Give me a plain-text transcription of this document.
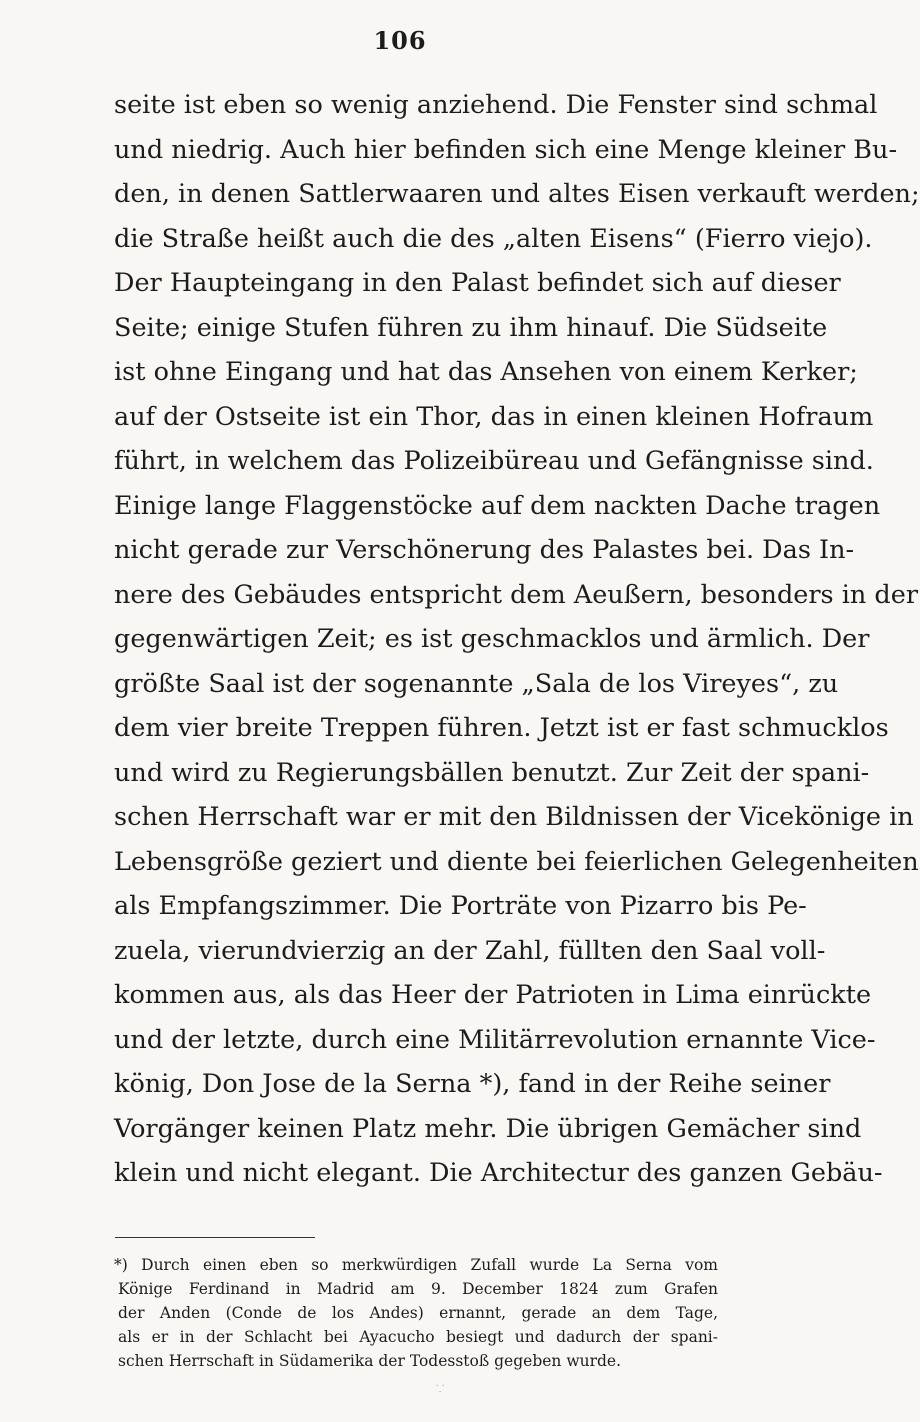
106
seite ist eben so wenig anziehend. Die Fenster sind schmal
und niedrig. Auch hier befinden sich eine Menge kleiner Bu-
den, in denen Sattlerwaaren und altes Eisen verkauft werden;
die Straße heißt auch die des „alten Eisens“ (Fierro viejo).
Der Haupteingang in den Palast befindet sich auf dieser
Seite; einige Stufen führen zu ihm hinauf. Die Südseite
ist ohne Eingang und hat das Ansehen von einem Kerker;
auf der Ostseite ist ein Thor, das in einen kleinen Hofraum
führt, in welchem das Polizeibüreau und Gefängnisse sind.
Einige lange Flaggenstöcke auf dem nackten Dache tragen
nicht gerade zur Verschönerung des Palastes bei. Das In-
nere des Gebäudes entspricht dem Aeußern, besonders in der
gegenwärtigen Zeit; es ist geschmacklos und ärmlich. Der
größte Saal ist der sogenannte „Sala de los Vireyes“, zu
dem vier breite Treppen führen. Jetzt ist er fast schmucklos
und wird zu Regierungsbällen benutzt. Zur Zeit der spani-
schen Herrschaft war er mit den Bildnissen der Vicekönige in
Lebensgröße geziert und diente bei feierlichen Gelegenheiten
als Empfangszimmer. Die Porträte von Pizarro bis Pe-
zuela, vierundvierzig an der Zahl, füllten den Saal voll-
kommen aus, als das Heer der Patrioten in Lima einrückte
und der letzte, durch eine Militärrevolution ernannte Vice-
könig, Don Jose de la Serna *), fand in der Reihe seiner
Vorgänger keinen Platz mehr. Die übrigen Gemächer sind
klein und nicht elegant. Die Architectur des ganzen Gebäu-
*) Durch einen eben so merkwürdigen Zufall wurde La Serna vom
Könige Ferdinand in Madrid am 9. December 1824 zum Grafen
der Anden (Conde de los Andes) ernannt, gerade an dem Tage,
als er in der Schlacht bei Ayacucho besiegt und dadurch der spani-
schen Herrschaft in Südamerika der Todesstoß gegeben wurde.
⸪
